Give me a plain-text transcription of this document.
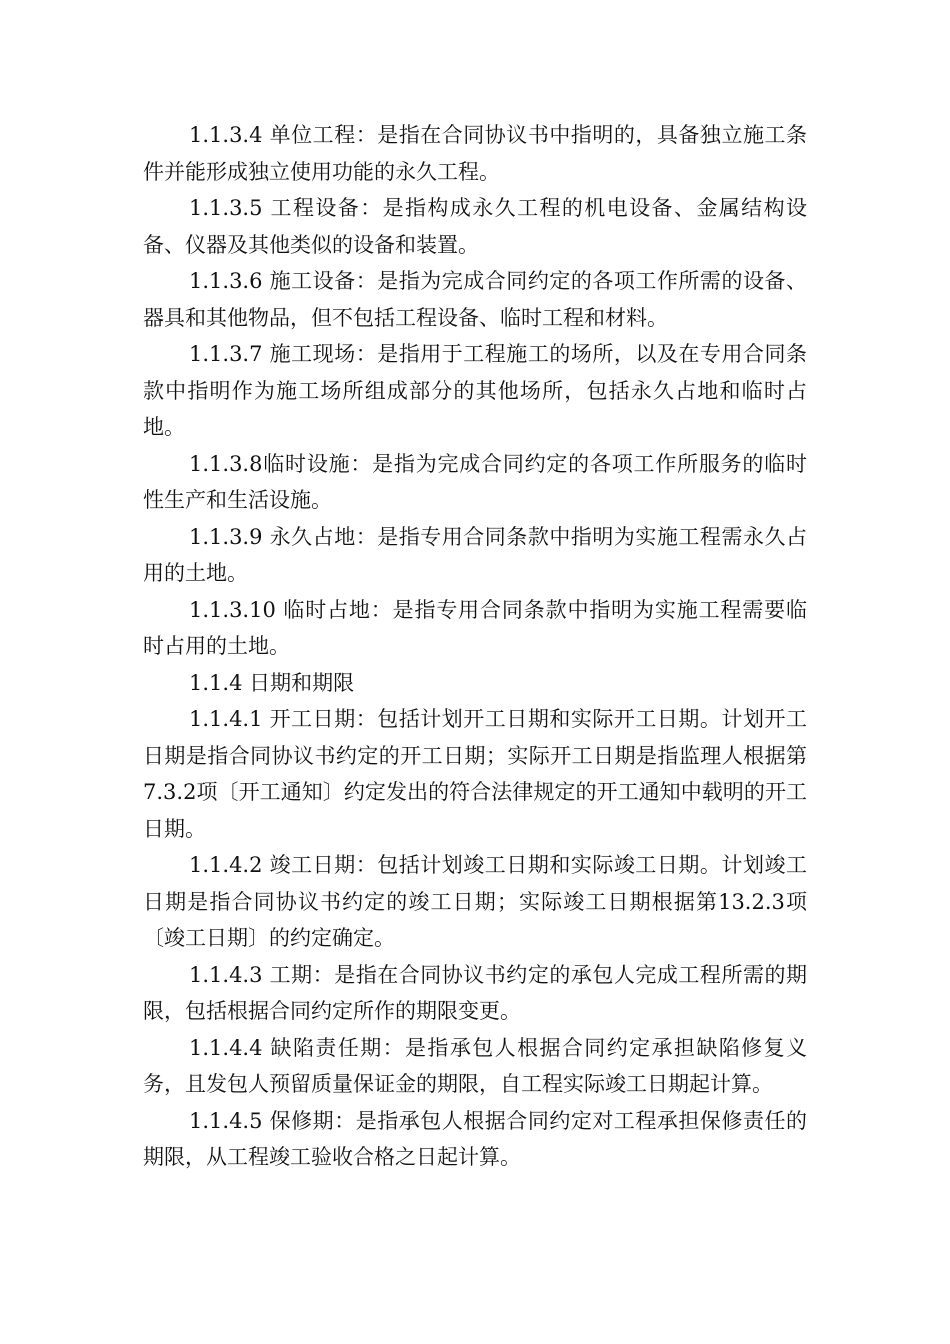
1.1.3.4 单位工程：是指在合同协议书中指明的，具备独立施工条件并能形成独立使用功能的永久工程。

1.1.3.5 工程设备：是指构成永久工程的机电设备、金属结构设备、仪器及其他类似的设备和装置。

1.1.3.6 施工设备：是指为完成合同约定的各项工作所需的设备、器具和其他物品，但不包括工程设备、临时工程和材料。

1.1.3.7 施工现场：是指用于工程施工的场所，以及在专用合同条款中指明作为施工场所组成部分的其他场所，包括永久占地和临时占地。

1.1.3.8临时设施：是指为完成合同约定的各项工作所服务的临时性生产和生活设施。

1.1.3.9 永久占地：是指专用合同条款中指明为实施工程需永久占用的土地。

1.1.3.10 临时占地：是指专用合同条款中指明为实施工程需要临时占用的土地。

1.1.4 日期和期限

1.1.4.1 开工日期：包括计划开工日期和实际开工日期。计划开工日期是指合同协议书约定的开工日期；实际开工日期是指监理人根据第7.3.2项〔开工通知〕约定发出的符合法律规定的开工通知中载明的开工日期。

1.1.4.2 竣工日期：包括计划竣工日期和实际竣工日期。计划竣工日期是指合同协议书约定的竣工日期；实际竣工日期根据第13.2.3项〔竣工日期〕的约定确定。

1.1.4.3 工期：是指在合同协议书约定的承包人完成工程所需的期限，包括根据合同约定所作的期限变更。

1.1.4.4 缺陷责任期：是指承包人根据合同约定承担缺陷修复义务，且发包人预留质量保证金的期限，自工程实际竣工日期起计算。

1.1.4.5 保修期：是指承包人根据合同约定对工程承担保修责任的期限，从工程竣工验收合格之日起计算。
